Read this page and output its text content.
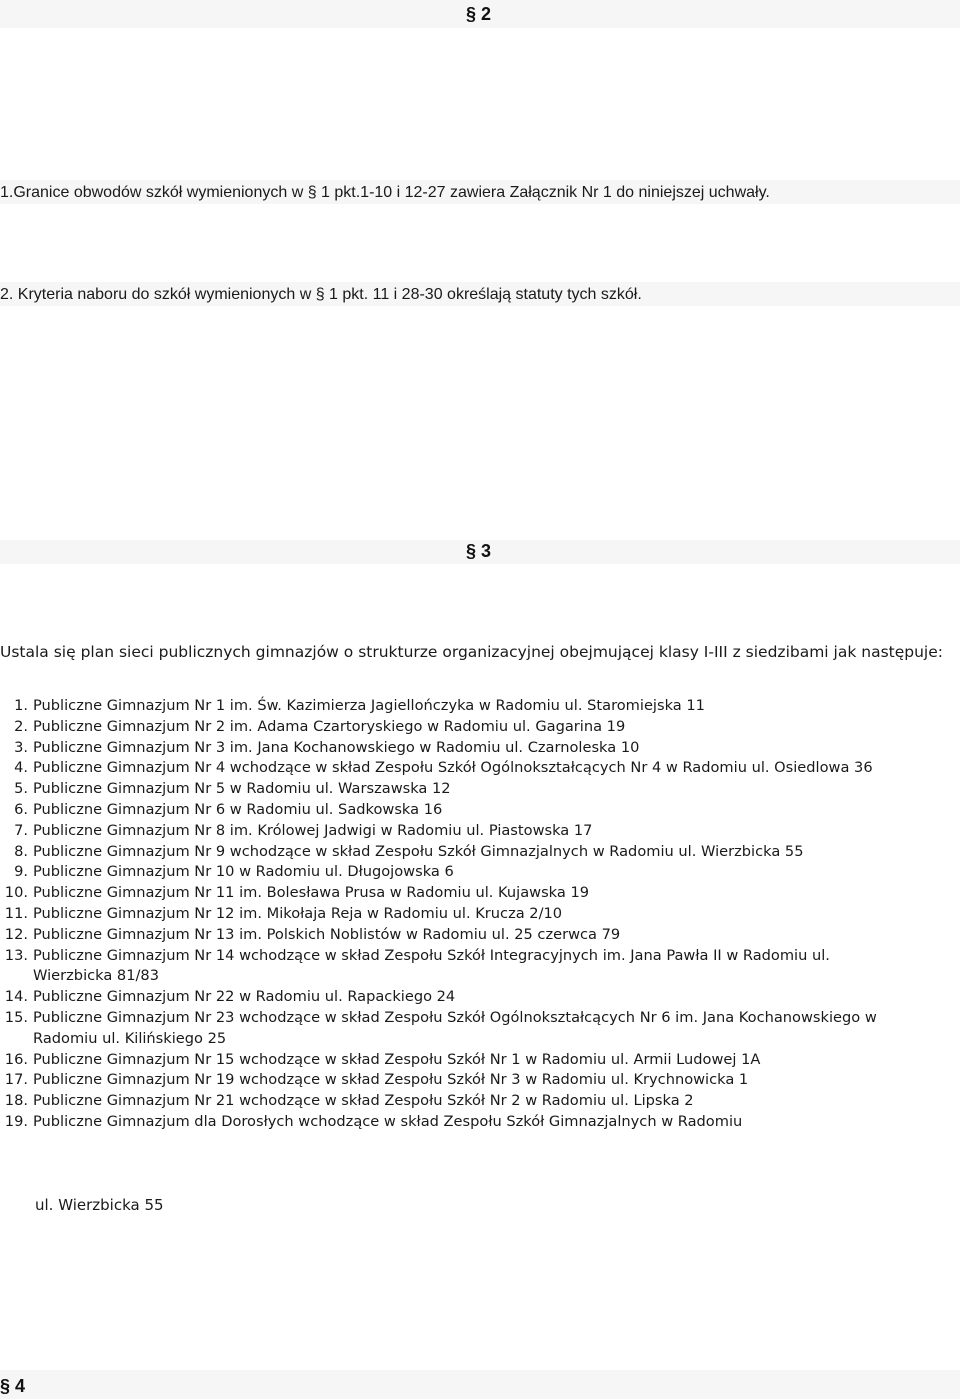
§ 2
1.Granice obwodów szkół wymienionych w § 1 pkt.1-10 i 12-27 zawiera Załącznik Nr 1 do niniejszej uchwały.
2. Kryteria naboru do szkół wymienionych w § 1 pkt. 11 i 28-30 określają statuty tych szkół.
§ 3
Ustala się plan sieci publicznych gimnazjów o strukturze organizacyjnej obejmującej klasy I-III z siedzibami jak następuje:
1. Publiczne Gimnazjum Nr 1 im. Św. Kazimierza Jagiellończyka w Radomiu ul. Staromiejska 11
2. Publiczne Gimnazjum Nr 2 im. Adama Czartoryskiego w Radomiu ul. Gagarina 19
3. Publiczne Gimnazjum Nr 3 im. Jana Kochanowskiego w Radomiu ul. Czarnoleska 10
4. Publiczne Gimnazjum Nr 4 wchodzące w skład Zespołu Szkół Ogólnokształcących Nr 4 w Radomiu ul. Osiedlowa 36
5. Publiczne Gimnazjum Nr 5 w Radomiu ul. Warszawska 12
6. Publiczne Gimnazjum Nr 6 w Radomiu ul. Sadkowska 16
7. Publiczne Gimnazjum Nr 8 im. Królowej Jadwigi w Radomiu ul. Piastowska 17
8. Publiczne Gimnazjum Nr 9 wchodzące w skład Zespołu Szkół Gimnazjalnych w Radomiu ul. Wierzbicka 55
9. Publiczne Gimnazjum Nr 10 w Radomiu ul. Długojowska 6
10. Publiczne Gimnazjum Nr 11 im. Bolesława Prusa w Radomiu ul. Kujawska 19
11. Publiczne Gimnazjum Nr 12 im. Mikołaja Reja w Radomiu ul. Krucza 2/10
12. Publiczne Gimnazjum Nr 13 im. Polskich Noblistów w Radomiu ul. 25 czerwca 79
13. Publiczne Gimnazjum Nr 14 wchodzące w skład Zespołu Szkół Integracyjnych im. Jana Pawła II w Radomiu ul.
Wierzbicka 81/83
14. Publiczne Gimnazjum Nr 22 w Radomiu ul. Rapackiego 24
15. Publiczne Gimnazjum Nr 23 wchodzące w skład Zespołu Szkół Ogólnokształcących Nr 6 im. Jana Kochanowskiego w
Radomiu ul. Kilińskiego 25
16. Publiczne Gimnazjum Nr 15 wchodzące w skład Zespołu Szkół Nr 1 w Radomiu ul. Armii Ludowej 1A
17. Publiczne Gimnazjum Nr 19 wchodzące w skład Zespołu Szkół Nr 3 w Radomiu ul. Krychnowicka 1
18. Publiczne Gimnazjum Nr 21 wchodzące w skład Zespołu Szkół Nr 2 w Radomiu ul. Lipska 2
19. Publiczne Gimnazjum dla Dorosłych wchodzące w skład Zespołu Szkół Gimnazjalnych w Radomiu
ul. Wierzbicka 55
§ 4
